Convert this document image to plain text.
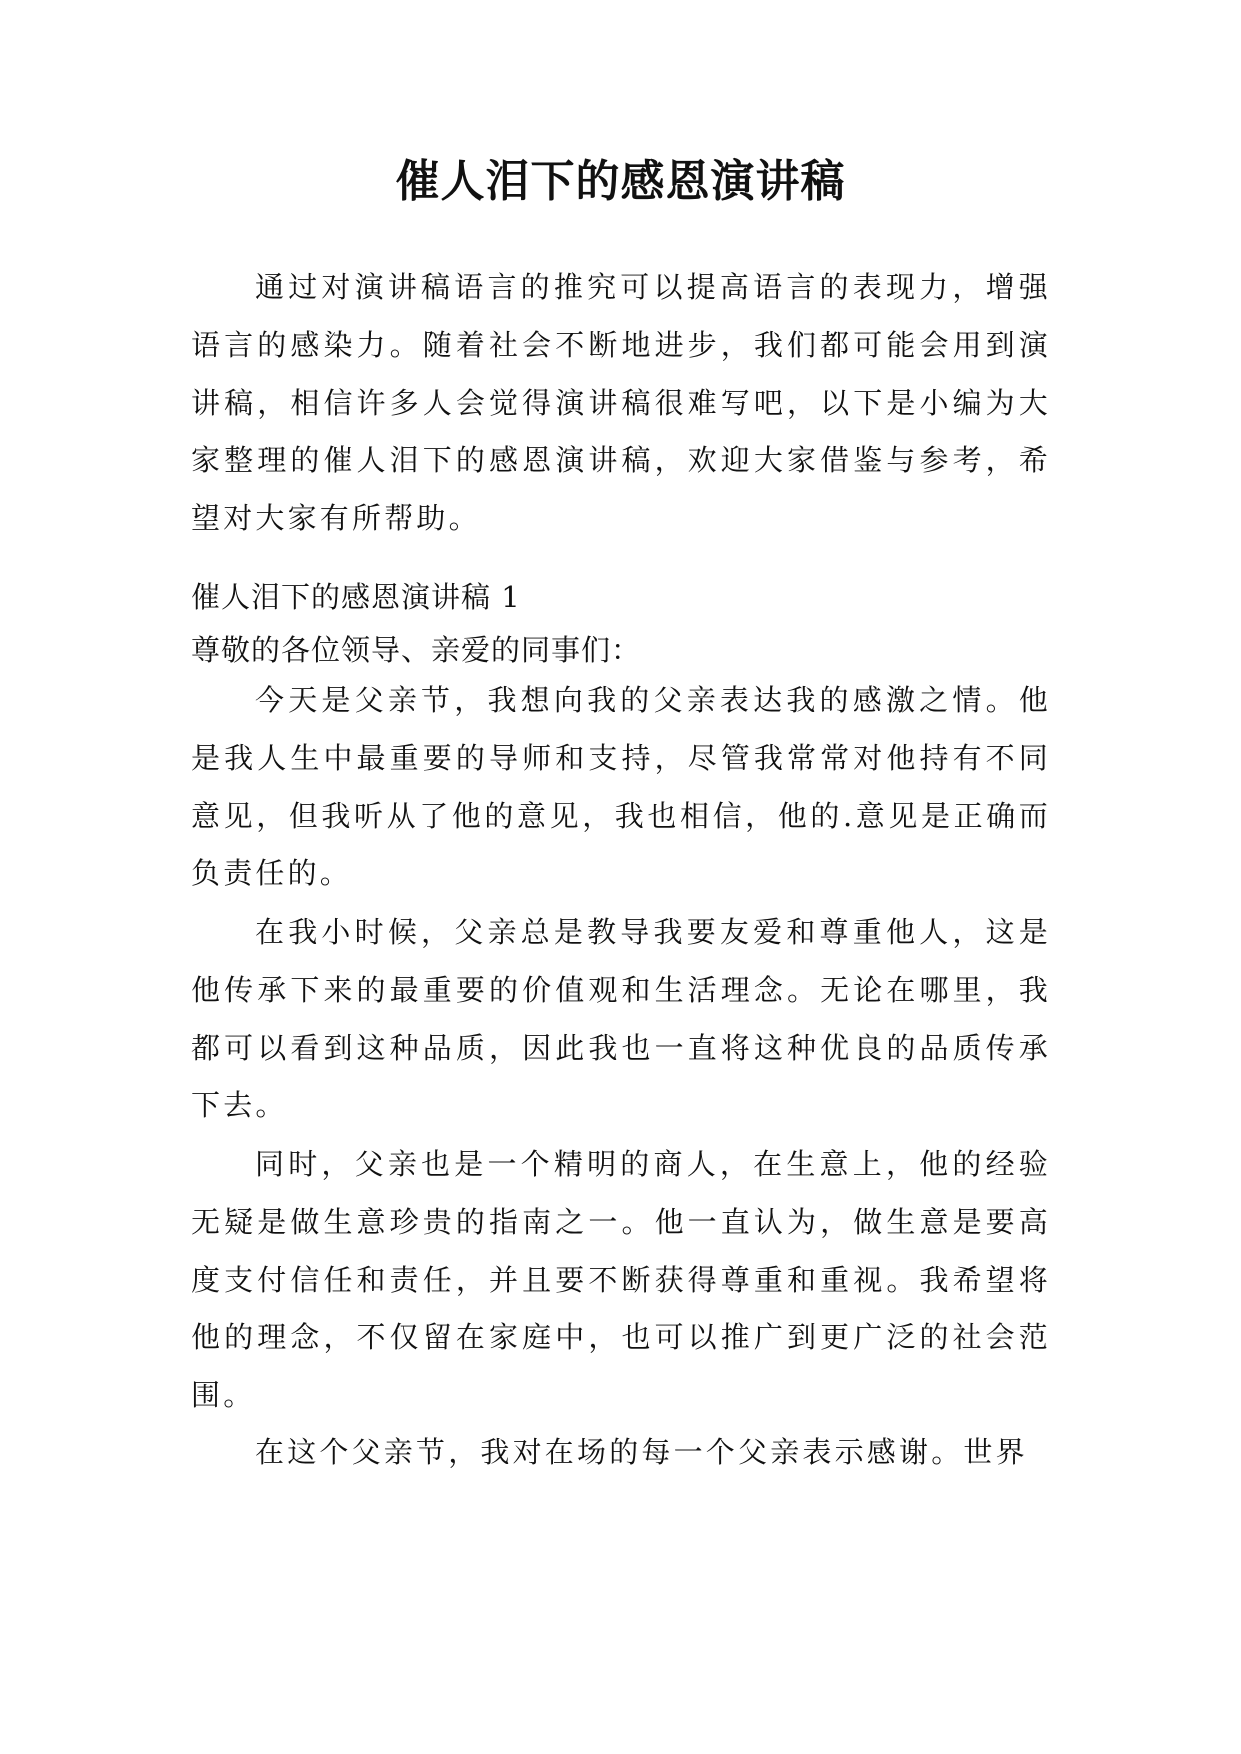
催人泪下的感恩演讲稿

通过对演讲稿语言的推究可以提高语言的表现力，增强语言的感染力。随着社会不断地进步，我们都可能会用到演讲稿，相信许多人会觉得演讲稿很难写吧，以下是小编为大家整理的催人泪下的感恩演讲稿，欢迎大家借鉴与参考，希望对大家有所帮助。

催人泪下的感恩演讲稿 1

尊敬的各位领导、亲爱的同事们：

今天是父亲节，我想向我的父亲表达我的感激之情。他是我人生中最重要的导师和支持，尽管我常常对他持有不同意见，但我听从了他的意见，我也相信，他的.意见是正确而负责任的。

在我小时候，父亲总是教导我要友爱和尊重他人，这是他传承下来的最重要的价值观和生活理念。无论在哪里，我都可以看到这种品质，因此我也一直将这种优良的品质传承下去。

同时，父亲也是一个精明的商人，在生意上，他的经验无疑是做生意珍贵的指南之一。他一直认为，做生意是要高度支付信任和责任，并且要不断获得尊重和重视。我希望将他的理念，不仅留在家庭中，也可以推广到更广泛的社会范围。

在这个父亲节，我对在场的每一个父亲表示感谢。世界
